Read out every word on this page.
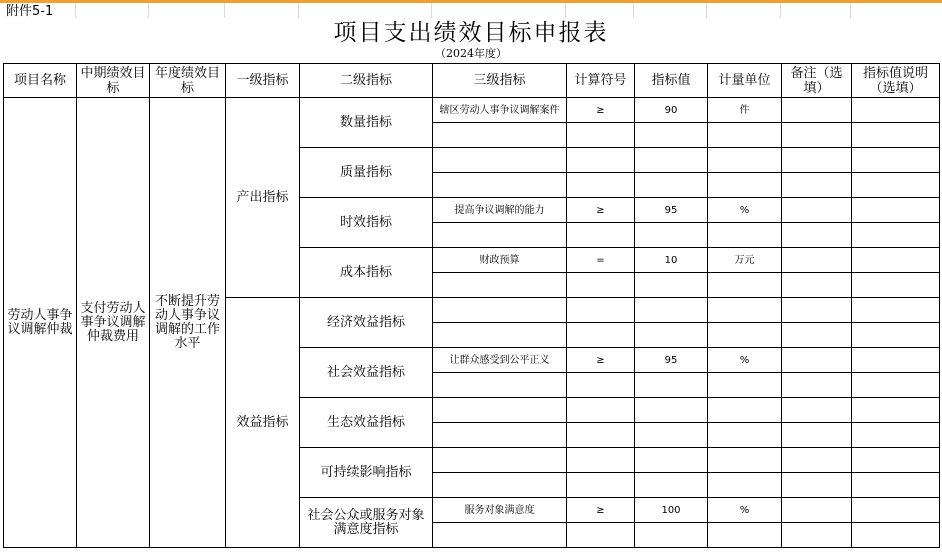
附件5-1
项目支出绩效目标申报表
（2024年度）
项目名称	中期绩效目标	年度绩效目标	一级指标	二级指标	三级指标	计算符号	指标值	计量单位	备注（选填）	指标值说明（选填）
劳动人事争议调解仲裁	支付劳动人事争议调解仲裁费用	不断提升劳动人事争议调解的工作水平	产出指标	数量指标	辖区劳动人事争议调解案件	≥	90	件		

				质量指标						

				时效指标	提高争议调解的能力	≥	95	%		

				成本指标	财政预算	=	10	万元		

			效益指标	经济效益指标						

				社会效益指标	让群众感受到公平正义	≥	95	%		

				生态效益指标						

				可持续影响指标						

				社会公众或服务对象满意度指标	服务对象满意度	≥	100	%		
